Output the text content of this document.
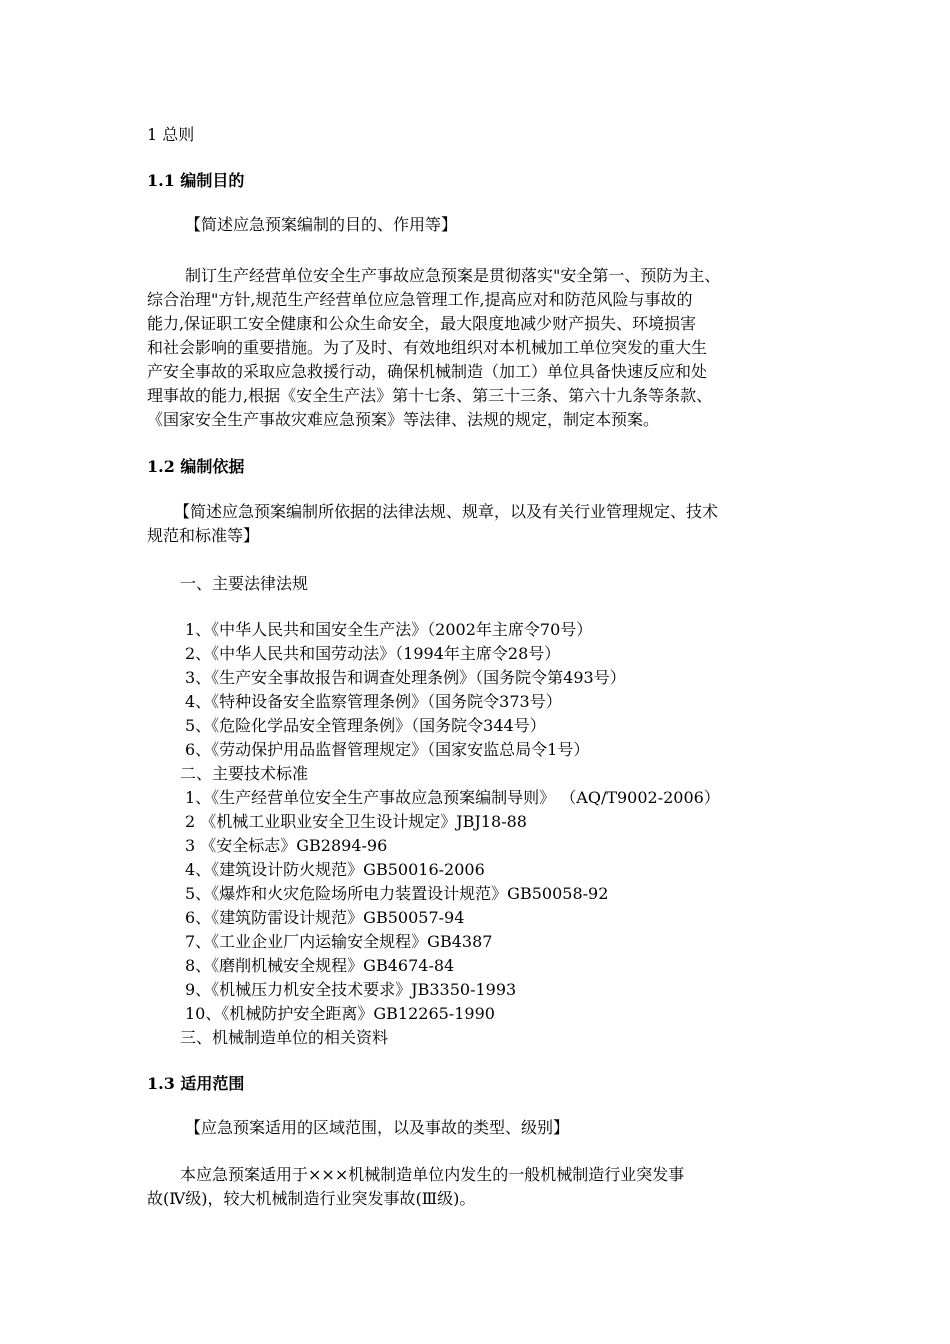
1 总则
1.1 编制目的
【简述应急预案编制的目的、作用等】
制订生产经营单位安全生产事故应急预案是贯彻落实"安全第一、预防为主、
综合治理"方针,规范生产经营单位应急管理工作,提高应对和防范风险与事故的
能力,保证职工安全健康和公众生命安全，最大限度地减少财产损失、环境损害
和社会影响的重要措施。为了及时、有效地组织对本机械加工单位突发的重大生
产安全事故的采取应急救援行动，确保机械制造（加工）单位具备快速反应和处
理事故的能力,根据《安全生产法》第十七条、第三十三条、第六十九条等条款、
《国家安全生产事故灾难应急预案》等法律、法规的规定，制定本预案。
1.2 编制依据
【简述应急预案编制所依据的法律法规、规章，以及有关行业管理规定、技术
规范和标准等】
一、主要法律法规
1、《中华人民共和国安全生产法》（2002年主席令70号）
2、《中华人民共和国劳动法》（1994年主席令28号）
3、《生产安全事故报告和调查处理条例》（国务院令第493号）
4、《特种设备安全监察管理条例》（国务院令373号）
5、《危险化学品安全管理条例》（国务院令344号）
6、《劳动保护用品监督管理规定》（国家安监总局令1号）
二、主要技术标准
1、《生产经营单位安全生产事故应急预案编制导则》 （AQ/T9002-2006）
2 《机械工业职业安全卫生设计规定》JBJ18-88
3 《安全标志》GB2894-96
4、《建筑设计防火规范》GB50016-2006
5、《爆炸和火灾危险场所电力装置设计规范》GB50058-92
6、《建筑防雷设计规范》GB50057-94
7、《工业企业厂内运输安全规程》GB4387
8、《磨削机械安全规程》GB4674-84
9、《机械压力机安全技术要求》JB3350-1993
10、《机械防护安全距离》GB12265-1990
三、机械制造单位的相关资料
1.3 适用范围
【应急预案适用的区域范围，以及事故的类型、级别】
本应急预案适用于×××机械制造单位内发生的一般机械制造行业突发事
故(Ⅳ级)，较大机械制造行业突发事故(Ⅲ级)。
